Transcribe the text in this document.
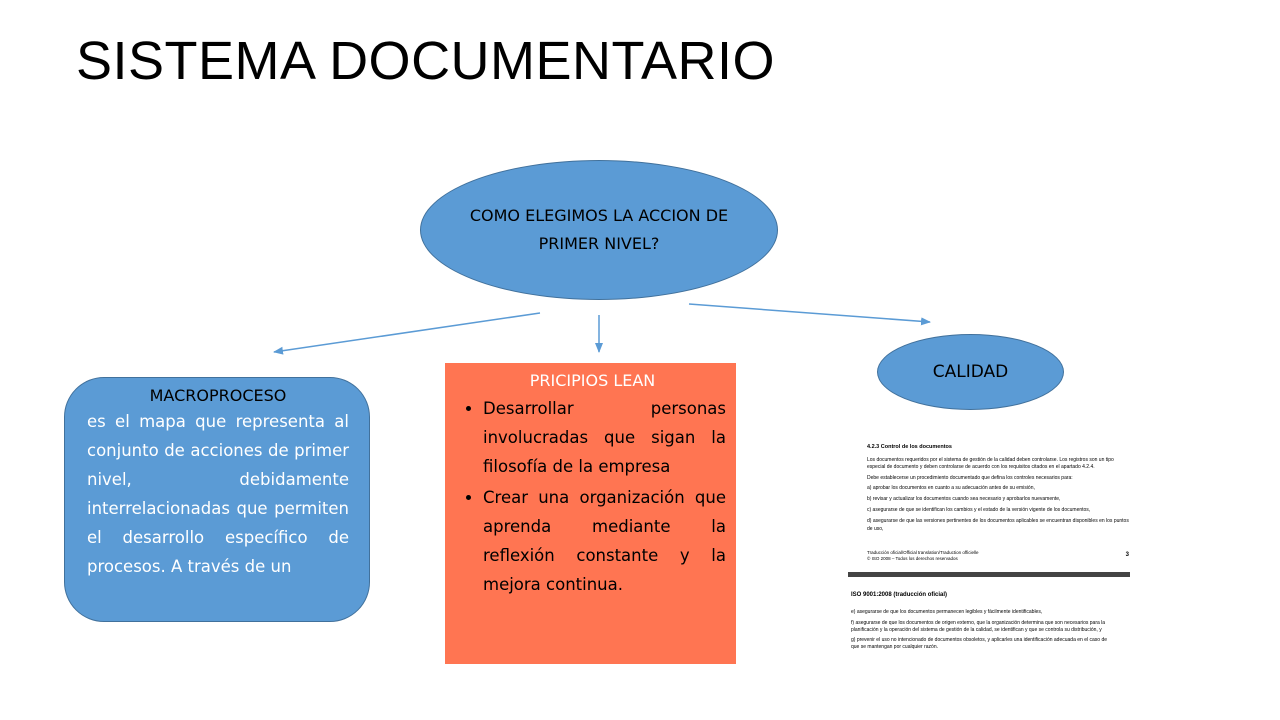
SISTEMA DOCUMENTARIO
COMO ELEGIMOS LA ACCION DE PRIMER NIVEL?
CALIDAD
MACROPROCESO
es el mapa que representa al conjunto de acciones de primer nivel, debidamente interrelacionadas que permiten el desarrollo específico de procesos. A través de un
PRICIPIOS LEAN
• Desarrollar personas involucradas que sigan la filosofía de la empresa
• Crear una organización que aprenda mediante la reflexión constante y la mejora continua.
4.2.3 Control de los documentos
Los documentos requeridos por el sistema de gestión de la calidad deben controlarse. Los registros son un tipo especial de documento y deben controlarse de acuerdo con los requisitos citados en el apartado 4.2.4.
Debe establecerse un procedimiento documentado que defina los controles necesarios para:
a) aprobar los documentos en cuanto a su adecuación antes de su emisión,
b) revisar y actualizar los documentos cuando sea necesario y aprobarlos nuevamente,
c) asegurarse de que se identifican los cambios y el estado de la versión vigente de los documentos,
d) asegurarse de que las versiones pertinentes de los documentos aplicables se encuentran disponibles en los puntos de uso,
Traducción oficial/Official translation/Traduction officielle
© ISO 2008 – Todos los derechos reservados
3
ISO 9001:2008 (traducción oficial)
e) asegurarse de que los documentos permanecen legibles y fácilmente identificables,
f) asegurarse de que los documentos de origen externo, que la organización determina que son necesarios para la planificación y la operación del sistema de gestión de la calidad, se identifican y que se controla su distribución, y
g) prevenir el uso no intencionado de documentos obsoletos, y aplicarles una identificación adecuada en el caso de que se mantengan por cualquier razón.
